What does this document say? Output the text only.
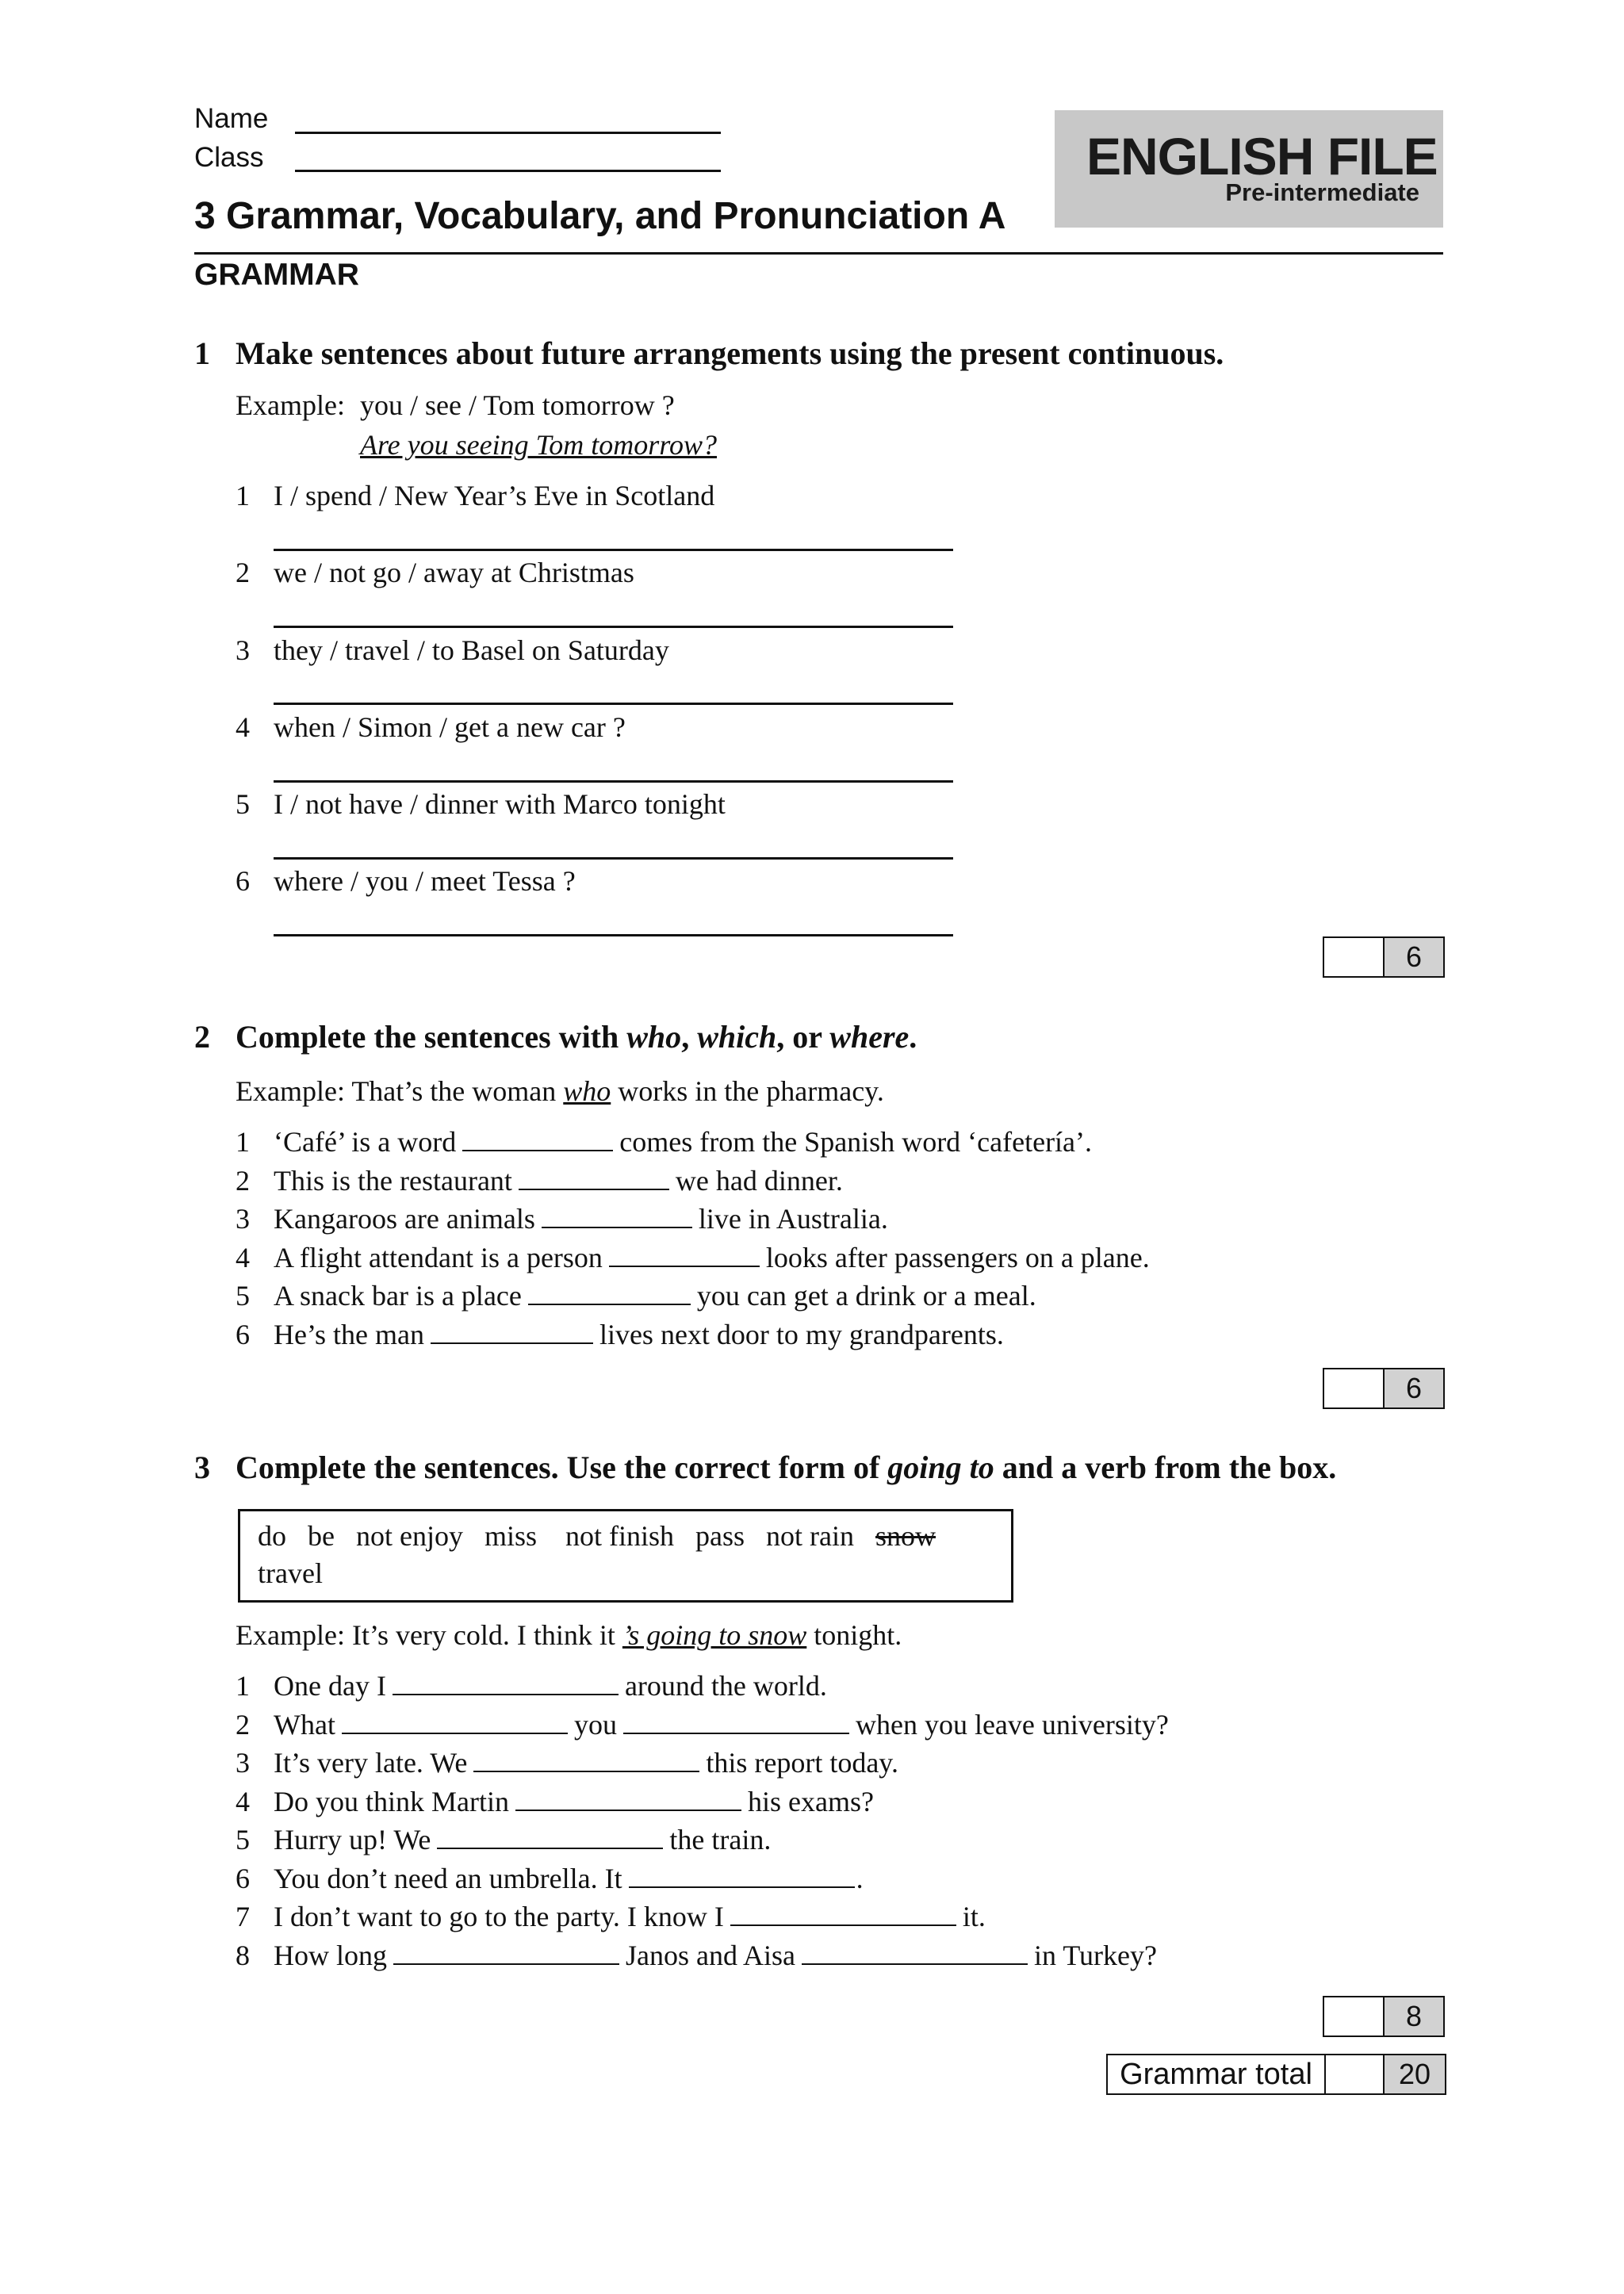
Name
Class	ENGLISH FILE
Pre-intermediate
3 Grammar, Vocabulary, and Pronunciation A
GRAMMAR
1 Make sentences about future arrangements using the present continuous.
Example: you / see / Tom tomorrow ?
Are you seeing Tom tomorrow?
1 I / spend / New Year’s Eve in Scotland
2 we / not go / away at Christmas
3 they / travel / to Basel on Saturday
4 when / Simon / get a new car ?
5 I / not have / dinner with Marco tonight
6 where / you / meet Tessa ?
6
2 Complete the sentences with who, which, or where.
Example: That’s the woman who works in the pharmacy.
1 ‘Café’ is a word	comes from the Spanish word ‘cafetería’.
2 This is the restaurant	we had dinner.
3 Kangaroos are animals	live in Australia.
4 A flight attendant is a person	looks after passengers on a plane.
5 A snack bar is a place	you can get a drink or a meal.
6 He’s the man	lives next door to my grandparents.
6
3 Complete the sentences. Use the correct form of going to and a verb from the box.
do be not enjoy miss not finish pass not rain snow
travel
Example: It’s very cold. I think it ’s going to snow tonight.
1 One day I	around the world.
2 What	you	when you leave university?
3 It’s very late. We	this report today.
4 Do you think Martin	his exams?
5 Hurry up! We	the train.
6 You don’t need an umbrella. It	.
7 I don’t want to go to the party. I know I	it.
8 How long	Janos and Aisa	in Turkey?
8
Grammar total	20
